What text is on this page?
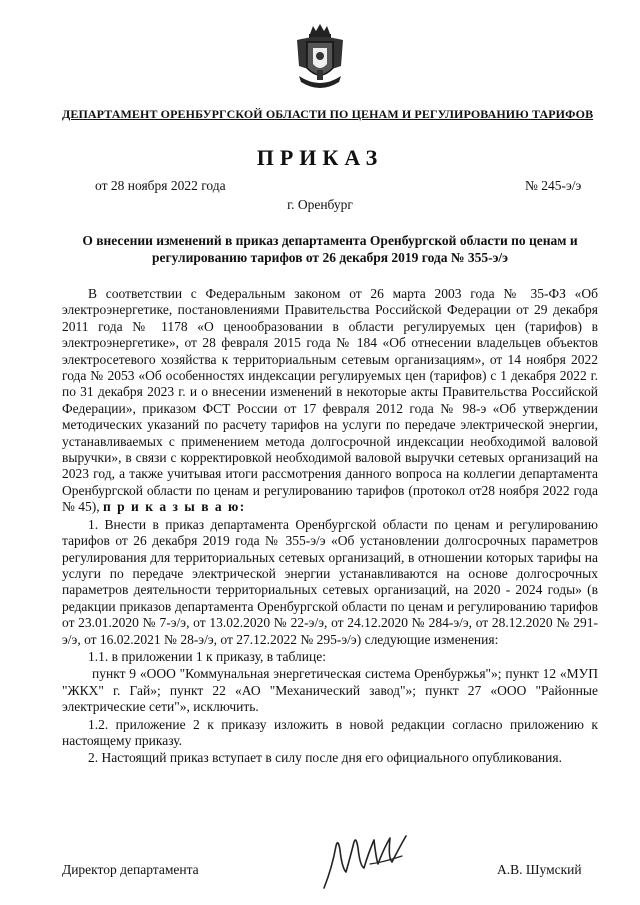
ДЕПАРТАМЕНТ ОРЕНБУРГСКОЙ ОБЛАСТИ ПО ЦЕНАМ И РЕГУЛИРОВАНИЮ ТАРИФОВ
ПРИКАЗ
от 28 ноября 2022 года	№ 245-э/э
г. Оренбург
О внесении изменений в приказ департамента Оренбургской области по ценам и регулированию тарифов от 26 декабря 2019 года № 355-э/э

В соответствии с Федеральным законом от 26 марта 2003 года № 35-ФЗ «Об электроэнергетике, постановлениями Правительства Российской Федерации от 29 декабря 2011 года № 1178 «О ценообразовании в области регулируемых цен (тарифов) в электроэнергетике», от 28 февраля 2015 года № 184 «Об отнесении владельцев объектов электросетевого хозяйства к территориальным сетевым организациям», от 14 ноября 2022 года № 2053 «Об особенностях индексации регулируемых цен (тарифов) с 1 декабря 2022 г. по 31 декабря 2023 г. и о внесении изменений в некоторые акты Правительства Российской Федерации», приказом ФСТ России от 17 февраля 2012 года № 98-э «Об утверждении методических указаний по расчету тарифов на услуги по передаче электрической энергии, устанавливаемых с применением метода долгосрочной индексации необходимой валовой выручки», в связи с корректировкой необходимой валовой выручки сетевых организаций на 2023 год, а также учитывая итоги рассмотрения данного вопроса на коллегии департамента Оренбургской области по ценам и регулированию тарифов (протокол от28 ноября 2022 года № 45), п р и к а з ы в а ю:

1. Внести в приказ департамента Оренбургской области по ценам и регулированию тарифов от 26 декабря 2019 года № 355-э/э «Об установлении долгосрочных параметров регулирования для территориальных сетевых организаций, в отношении которых тарифы на услуги по передаче электрической энергии устанавливаются на основе долгосрочных параметров деятельности территориальных сетевых организаций, на 2020 - 2024 годы» (в редакции приказов департамента Оренбургской области по ценам и регулированию тарифов от 23.01.2020 № 7-э/э, от 13.02.2020 № 22-э/э, от 24.12.2020 № 284-э/э, от 28.12.2020 № 291-э/э, от 16.02.2021 № 28-э/э, от 27.12.2022 № 295-э/э) следующие изменения:

1.1. в приложении 1 к приказу, в таблице:

пункт 9 «ООО "Коммунальная энергетическая система Оренбуржья"»; пункт 12 «МУП "ЖКХ" г. Гай»; пункт 22 «АО "Механический завод"»; пункт 27 «ООО "Районные электрические сети"», исключить.

1.2. приложение 2 к приказу изложить в новой редакции согласно приложению к настоящему приказу.

2. Настоящий приказ вступает в силу после дня его официального опубликования.

Директор департамента	А.В. Шумский
